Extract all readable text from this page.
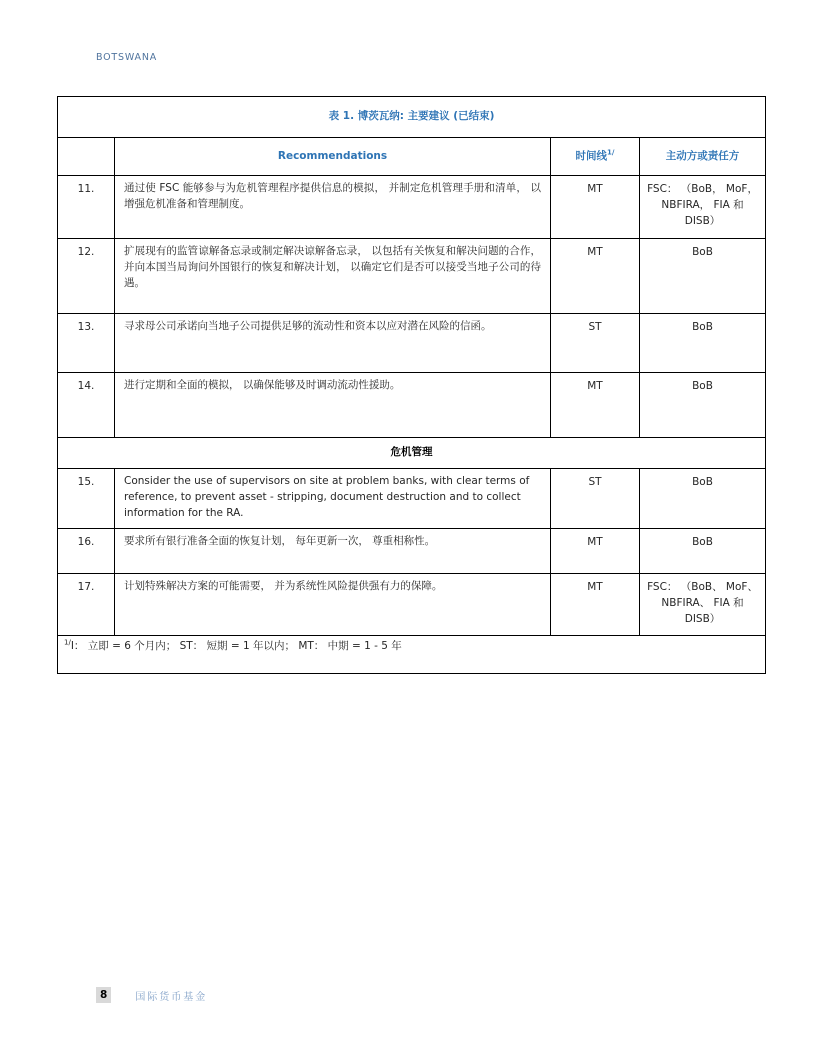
BOTSWANA
表 1. 博茨瓦纳: 主要建议 (已结束)			
	Recommendations	时间线$^{1/}$	主动方或责任方
11.	通过使 FSC 能够参与为危机管理程序提供信息的模拟， 并制定危机管理手册和清单， 以增强危机准备和管理制度。	MT	FSC： （BoB， MoF， NBFIRA， FIA 和 DISB）
12.	扩展现有的监管谅解备忘录或制定解决谅解备忘录， 以包括有关恢复和解决问题的合作， 并向本国当局询问外国银行的恢复和解决计划， 以确定它们是否可以接受当地子公司的待遇。	MT	BoB
13.	寻求母公司承诺向当地子公司提供足够的流动性和资本以应对潜在风险的信函。	ST	BoB
14.	进行定期和全面的模拟， 以确保能够及时调动流动性援助。	MT	BoB
危机管理			
15.	Consider the use of supervisors on site at problem banks, with clear terms of reference, to prevent asset - stripping, document destruction and to collect information for the RA.	ST	BoB
16.	要求所有银行准备全面的恢复计划， 每年更新一次， 尊重相称性。	MT	BoB
17.	计划特殊解决方案的可能需要， 并为系统性风险提供强有力的保障。	MT	FSC： （BoB、 MoF、 NBFIRA、 FIA 和 DISB）
$^{1/}$I： 立即 = 6 个月内； ST： 短期 = 1 年以内； MT： 中期 = 1 - 5 年			
8	国际货币基金
